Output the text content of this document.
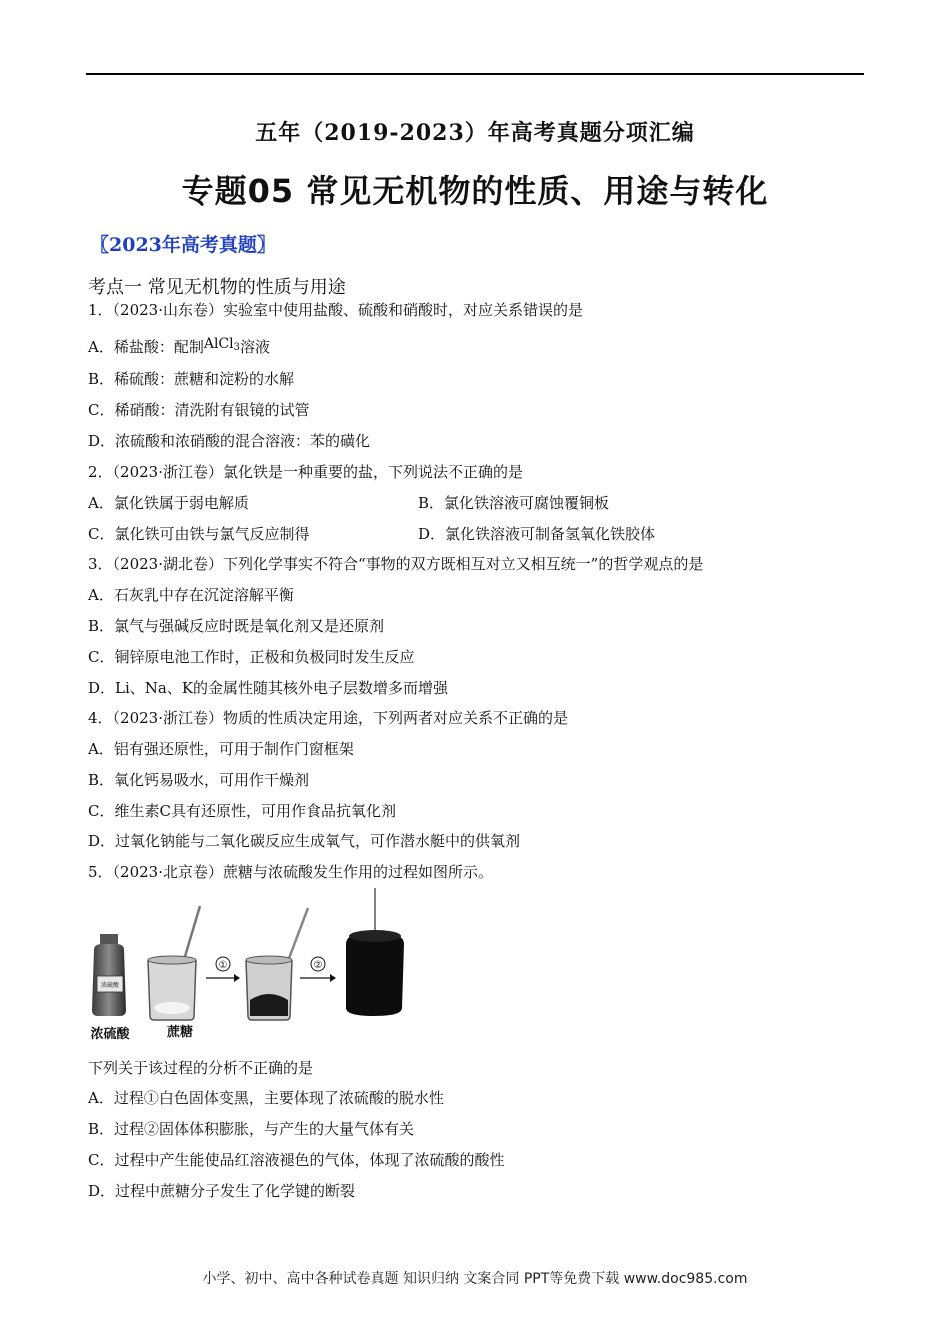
五年（2019-2023）年高考真题分项汇编
专题05 常见无机物的性质、用途与转化
〖2023年高考真题〗
考点一 常见无机物的性质与用途
1．（2023·山东卷）实验室中使用盐酸、硫酸和硝酸时，对应关系错误的是
A．稀盐酸：配制AlCl$_3$溶液
B．稀硫酸：蔗糖和淀粉的水解
C．稀硝酸：清洗附有银镜的试管
D．浓硫酸和浓硝酸的混合溶液：苯的磺化
2．（2023·浙江卷）氯化铁是一种重要的盐，下列说法不正确的是
A．氯化铁属于弱电解质	B．氯化铁溶液可腐蚀覆铜板
C．氯化铁可由铁与氯气反应制得	D．氯化铁溶液可制备氢氧化铁胶体
3．（2023·湖北卷）下列化学事实不符合“事物的双方既相互对立又相互统一”的哲学观点的是
A．石灰乳中存在沉淀溶解平衡
B．氯气与强碱反应时既是氧化剂又是还原剂
C．铜锌原电池工作时，正极和负极同时发生反应
D．Li、Na、K的金属性随其核外电子层数增多而增强
4．（2023·浙江卷）物质的性质决定用途，下列两者对应关系不正确的是
A．铝有强还原性，可用于制作门窗框架
B．氧化钙易吸水，可用作干燥剂
C．维生素C具有还原性，可用作食品抗氧化剂
D．过氧化钠能与二氧化碳反应生成氧气，可作潜水艇中的供氧剂
5．（2023·北京卷）蔗糖与浓硫酸发生作用的过程如图所示。
浓硫酸
①	②
浓硫酸	蔗糖
下列关于该过程的分析不正确的是
A．过程①白色固体变黑，主要体现了浓硫酸的脱水性
B．过程②固体体积膨胀，与产生的大量气体有关
C．过程中产生能使品红溶液褪色的气体，体现了浓硫酸的酸性
D．过程中蔗糖分子发生了化学键的断裂
小学、初中、高中各种试卷真题 知识归纳 文案合同 PPT等免费下载 www.doc985.com
